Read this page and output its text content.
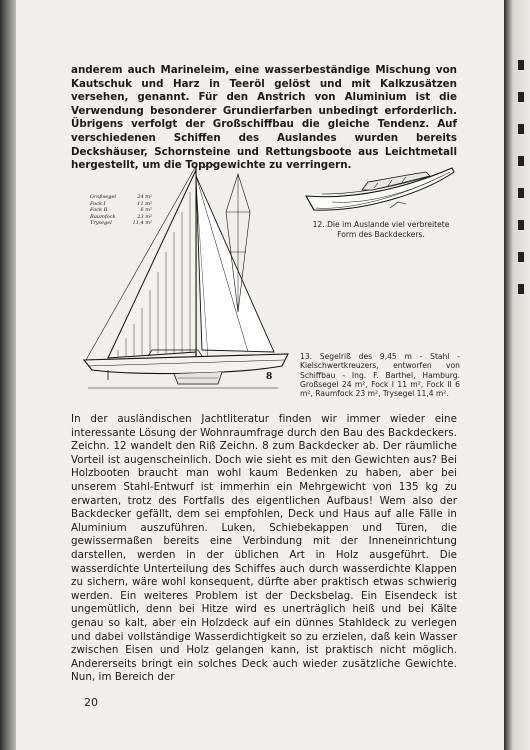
anderem auch Marineleim, eine wasserbeständige Mischung von Kautschuk und Harz in Teeröl gelöst und mit Kalkzusätzen versehen, genannt. Für den Anstrich von Aluminium ist die Verwendung besonderer Grundierfarben unbedingt erforderlich. Übrigens verfolgt der Großschiffbau die gleiche Tendenz. Auf verschiedenen Schiffen des Auslandes wurden bereits Deckshäuser, Schornsteine und Rettungsboote aus Leichtmetall hergestellt, um die Toppgewichte zu verringern.

12. Die im Auslande viel verbreitete Form des Backdeckers.

8
Großsegel	24 m²
Fock I	11 m²
Fock II	6 m²
Raumfock	23 m²
Trysegel	11,4 m²

13. Segelriß des 9,45 m - Stahl - Kielschwertkreuzers, entworfen von Schiffbau - Ing. F. Barthel, Hamburg. Großsegel 24 m², Fock I 11 m², Fock II 6 m², Raumfock 23 m², Trysegel 11,4 m².

In der ausländischen Jachtliteratur finden wir immer wieder eine interessante Lösung der Wohnraumfrage durch den Bau des Backdeckers. Zeichn. 12 wandelt den Riß Zeichn. 8 zum Backdecker ab. Der räumliche Vorteil ist augenscheinlich. Doch wie sieht es mit den Gewichten aus? Bei Holzbooten braucht man wohl kaum Bedenken zu haben, aber bei unserem Stahl-Entwurf ist immerhin ein Mehrgewicht von 135 kg zu erwarten, trotz des Fortfalls des eigentlichen Aufbaus! Wem also der Backdecker gefällt, dem sei empfohlen, Deck und Haus auf alle Fälle in Aluminium auszuführen. Luken, Schiebekappen und Türen, die gewissermaßen bereits eine Verbindung mit der Inneneinrichtung darstellen, werden in der üblichen Art in Holz ausgeführt. Die wasserdichte Unterteilung des Schiffes auch durch wasserdichte Klappen zu sichern, wäre wohl konsequent, dürfte aber praktisch etwas schwierig werden. Ein weiteres Problem ist der Decksbelag. Ein Eisendeck ist ungemütlich, denn bei Hitze wird es unerträglich heiß und bei Kälte genau so kalt, aber ein Holzdeck auf ein dünnes Stahldeck zu verlegen und dabei vollständige Wasserdichtigkeit so zu erzielen, daß kein Wasser zwischen Eisen und Holz gelangen kann, ist praktisch nicht möglich. Andererseits bringt ein solches Deck auch wieder zusätzliche Gewichte. Nun, im Bereich der

20
